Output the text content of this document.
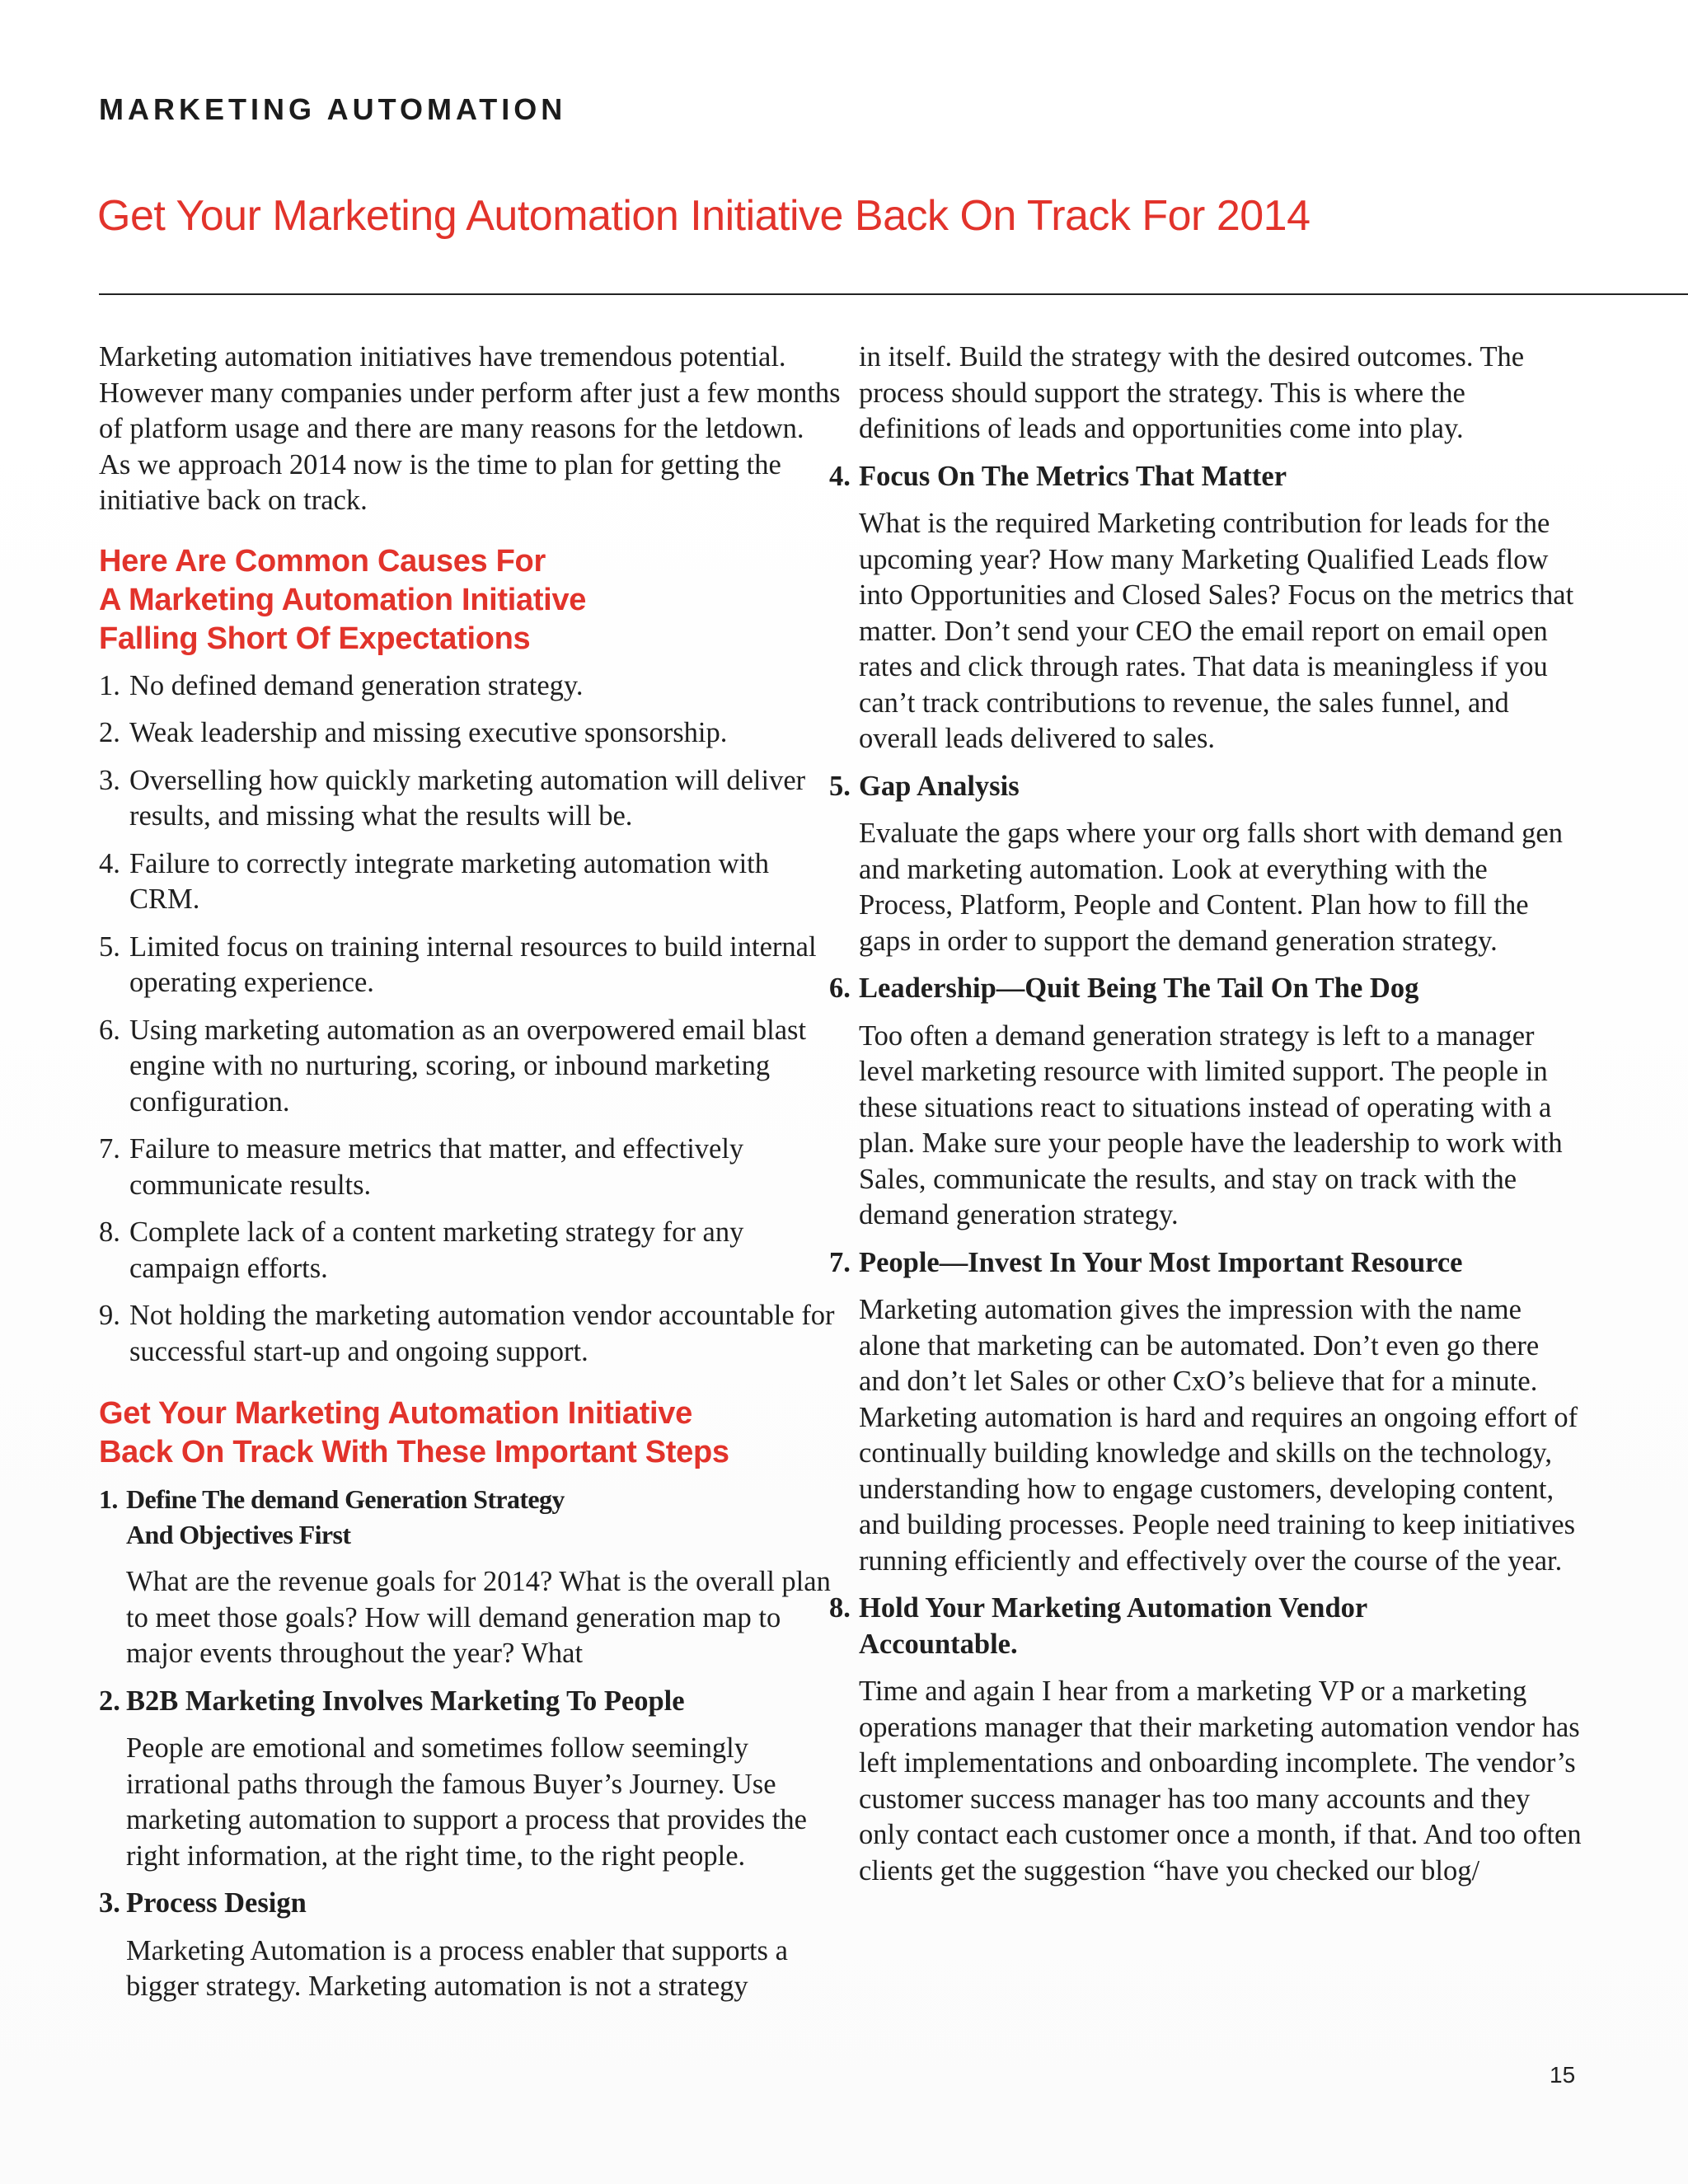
MARKETING AUTOMATION
Get Your Marketing Automation Initiative Back On Track For 2014

Marketing automation initiatives have tremendous potential. However many companies under perform after just a few months of platform usage and there are many reasons for the letdown. As we approach 2014 now is the time to plan for getting the initiative back on track.

Here Are Common Causes For
A Marketing Automation Initiative
Falling Short Of Expectations
1. No defined demand generation strategy.
2. Weak leadership and missing executive sponsorship.
3. Overselling how quickly marketing automation will deliver results, and missing what the results will be.
4. Failure to correctly integrate marketing automation with CRM.
5. Limited focus on training internal resources to build internal operating experience.
6. Using marketing automation as an overpowered email blast engine with no nurturing, scoring, or inbound marketing configuration.
7. Failure to measure metrics that matter, and effectively communicate results.
8. Complete lack of a content marketing strategy for any campaign efforts.
9. Not holding the marketing automation vendor accountable for successful start-up and ongoing support.
Get Your Marketing Automation Initiative
Back On Track With These Important Steps
1. Define The demand Generation Strategy
And Objectives First

What are the revenue goals for 2014? What is the overall plan to meet those goals? How will demand generation map to major events throughout the year? What

2. B2B Marketing Involves Marketing To People

People are emotional and sometimes follow seemingly irrational paths through the famous Buyer’s Journey. Use marketing automation to support a process that provides the right information, at the right time, to the right people.

3. Process Design

Marketing Automation is a process enabler that supports a bigger strategy. Marketing automation is not a strategy

in itself. Build the strategy with the desired outcomes. The process should support the strategy. This is where the definitions of leads and opportunities come into play.

4. Focus On The Metrics That Matter

What is the required Marketing contribution for leads for the upcoming year? How many Marketing Qualified Leads flow into Opportunities and Closed Sales? Focus on the metrics that matter. Don’t send your CEO the email report on email open rates and click through rates. That data is meaningless if you can’t track contributions to revenue, the sales funnel, and overall leads delivered to sales.

5. Gap Analysis

Evaluate the gaps where your org falls short with demand gen and marketing automation. Look at everything with the Process, Platform, People and Content. Plan how to fill the gaps in order to support the demand generation strategy.

6. Leadership—Quit Being The Tail On The Dog

Too often a demand generation strategy is left to a manager level marketing resource with limited support. The people in these situations react to situations instead of operating with a plan. Make sure your people have the leadership to work with Sales, communicate the results, and stay on track with the demand generation strategy.

7. People—Invest In Your Most Important Resource

Marketing automation gives the impression with the name alone that marketing can be automated. Don’t even go there and don’t let Sales or other CxO’s believe that for a minute. Marketing automation is hard and requires an ongoing effort of continually building knowledge and skills on the technology, understanding how to engage customers, developing content, and building processes. People need training to keep initiatives running efficiently and effectively over the course of the year.

8. Hold Your Marketing Automation Vendor
Accountable.

Time and again I hear from a marketing VP or a marketing operations manager that their marketing automation vendor has left implementations and onboarding incomplete. The vendor’s customer success manager has too many accounts and they only contact each customer once a month, if that. And too often clients get the suggestion “have you checked our blog/

15
